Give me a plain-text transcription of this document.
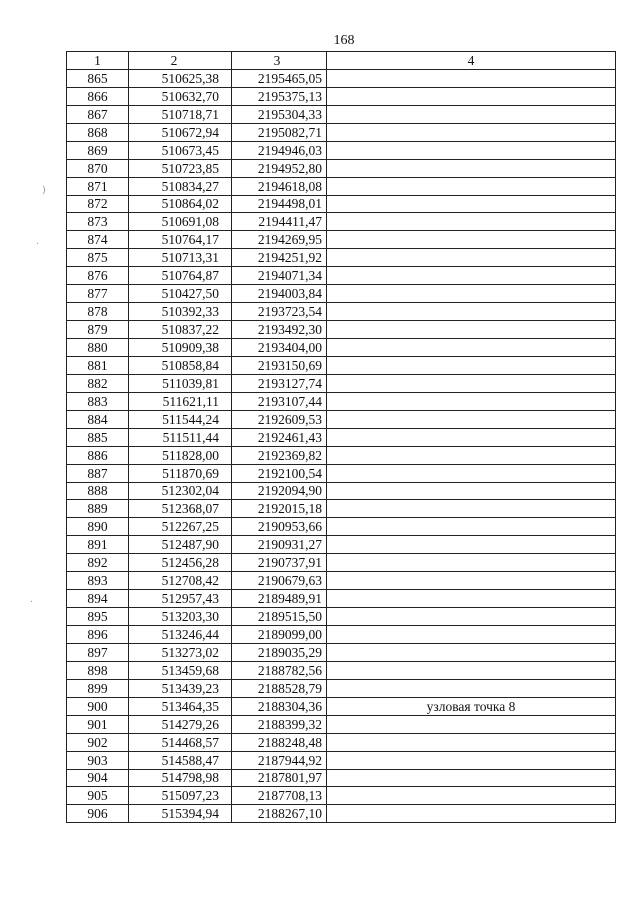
168
1	2	3	4
865	510625,38	2195465,05	
866	510632,70	2195375,13	
867	510718,71	2195304,33	
868	510672,94	2195082,71	
869	510673,45	2194946,03	
870	510723,85	2194952,80	
871	510834,27	2194618,08	
872	510864,02	2194498,01	
873	510691,08	2194411,47	
874	510764,17	2194269,95	
875	510713,31	2194251,92	
876	510764,87	2194071,34	
877	510427,50	2194003,84	
878	510392,33	2193723,54	
879	510837,22	2193492,30	
880	510909,38	2193404,00	
881	510858,84	2193150,69	
882	511039,81	2193127,74	
883	511621,11	2193107,44	
884	511544,24	2192609,53	
885	511511,44	2192461,43	
886	511828,00	2192369,82	
887	511870,69	2192100,54	
888	512302,04	2192094,90	
889	512368,07	2192015,18	
890	512267,25	2190953,66	
891	512487,90	2190931,27	
892	512456,28	2190737,91	
893	512708,42	2190679,63	
894	512957,43	2189489,91	
895	513203,30	2189515,50	
896	513246,44	2189099,00	
897	513273,02	2189035,29	
898	513459,68	2188782,56	
899	513439,23	2188528,79	
900	513464,35	2188304,36	узловая точка 8
901	514279,26	2188399,32	
902	514468,57	2188248,48	
903	514588,47	2187944,92	
904	514798,98	2187801,97	
905	515097,23	2187708,13	
906	515394,94	2188267,10	
)
·
·
